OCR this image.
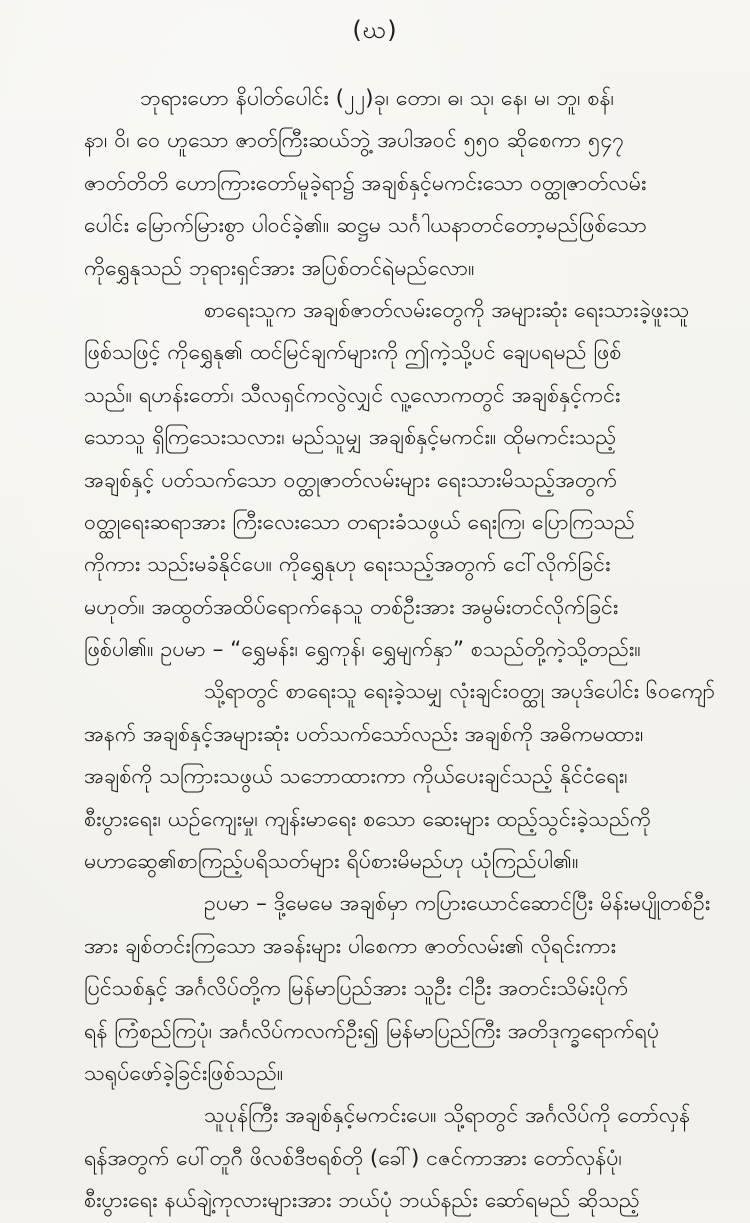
(ဃ)
ဘုရားဟော နိပါတ်ပေါင်း (၂၂)ခု၊ တော၊ ဓ၊ သု၊ နေ၊ မ၊ ဘူ၊ စန်၊
နာ၊ ဝိ၊ ဝေ ဟူသော ဇာတ်ကြီးဆယ်ဘွဲ့ အပါအဝင် ၅၅၀ ဆိုစေကာ ၅၄၇
ဇာတ်တိတိ ဟောကြားတော်မူခဲ့ရာ၌ အချစ်နှင့်မကင်းသော ဝတ္ထုဇာတ်လမ်း
ပေါင်း မြောက်မြားစွာ ပါဝင်ခဲ့၏။ ဆဋ္ဌမ သင်္ဂါယနာတင်တော့မည်ဖြစ်သော
ကိုရွှေနုသည် ဘုရားရှင်အား အပြစ်တင်ရဲမည်လော။
စာရေးသူက အချစ်ဇာတ်လမ်းတွေကို အများဆုံး ရေးသားခဲ့ဖူးသူ
ဖြစ်သဖြင့် ကိုရွှေနု၏ ထင်မြင်ချက်များကို ဤကဲ့သို့ပင် ချေပရမည် ဖြစ်
သည်။ ရဟန်းတော်၊ သီလရှင်ကလွဲလျှင် လူ့လောကတွင် အချစ်နှင့်ကင်း
သောသူ ရှိကြသေးသလား၊ မည်သူမျှ အချစ်နှင့်မကင်း။ ထိုမကင်းသည့်
အချစ်နှင့် ပတ်သက်သော ဝတ္ထုဇာတ်လမ်းများ ရေးသားမိသည့်အတွက်
ဝတ္ထုရေးဆရာအား ကြီးလေးသော တရားခံသဖွယ် ရေးကြ၊ ပြောကြသည်
ကိုကား သည်းမခံနိုင်ပေ။ ကိုရွှေနုဟု ရေးသည့်အတွက် ငေါ်လိုက်ခြင်း
မဟုတ်။ အထွတ်အထိပ်ရောက်နေသူ တစ်ဦးအား အမွမ်းတင်လိုက်ခြင်း
ဖြစ်ပါ၏။ ဥပမာ – “ရွှေမန်း၊ ရွှေကုန်၊ ရွှေမျက်နှာ” စသည်တို့ကဲ့သို့တည်း။
သို့ရာတွင် စာရေးသူ ရေးခဲ့သမျှ လုံးချင်းဝတ္ထု အပုဒ်ပေါင်း ၆၀ကျော်
အနက် အချစ်နှင့်အများဆုံး ပတ်သက်သော်လည်း အချစ်ကို အဓိကမထား၊
အချစ်ကို သကြားသဖွယ် သဘောထားကာ ကိုယ်ပေးချင်သည့် နိုင်ငံရေး၊
စီးပွားရေး၊ ယဉ်ကျေးမှု၊ ကျန်းမာရေး စသော ဆေးများ ထည့်သွင်းခဲ့သည်ကို
မဟာဆွေ၏စာကြည့်ပရိသတ်များ ရိပ်စားမိမည်ဟု ယုံကြည်ပါ၏။
ဥပမာ – ဒို့မေမေ အချစ်မှာ ကပြားယောင်ဆောင်ပြီး မိန်းမပျိုတစ်ဦး
အား ချစ်တင်းကြသော အခန်းများ ပါစေကာ ဇာတ်လမ်း၏ လိုရင်းကား
ပြင်သစ်နှင့် အင်္ဂလိပ်တို့က မြန်မာပြည်အား သူဦး ငါဦး အတင်းသိမ်းပိုက်
ရန် ကြံစည်ကြပုံ၊ အင်္ဂလိပ်ကလက်ဦး၍ မြန်မာပြည်ကြီး အတိဒုက္ခရောက်ရပုံ
သရုပ်ဖော်ခဲ့ခြင်းဖြစ်သည်။
သူပုန်ကြီး အချစ်နှင့်မကင်းပေ။ သို့ရာတွင် အင်္ဂလိပ်ကို တော်လှန်
ရန်အတွက် ပေါ်တူဂီ ဖိလစ်ဒီဗရစ်တို (ခေါ်) ငဇင်ကာအား တော်လှန်ပုံ၊
စီးပွားရေး နယ်ချဲ့ကုလားများအား ဘယ်ပုံ ဘယ်နည်း ဆော်ရမည် ဆိုသည့်
